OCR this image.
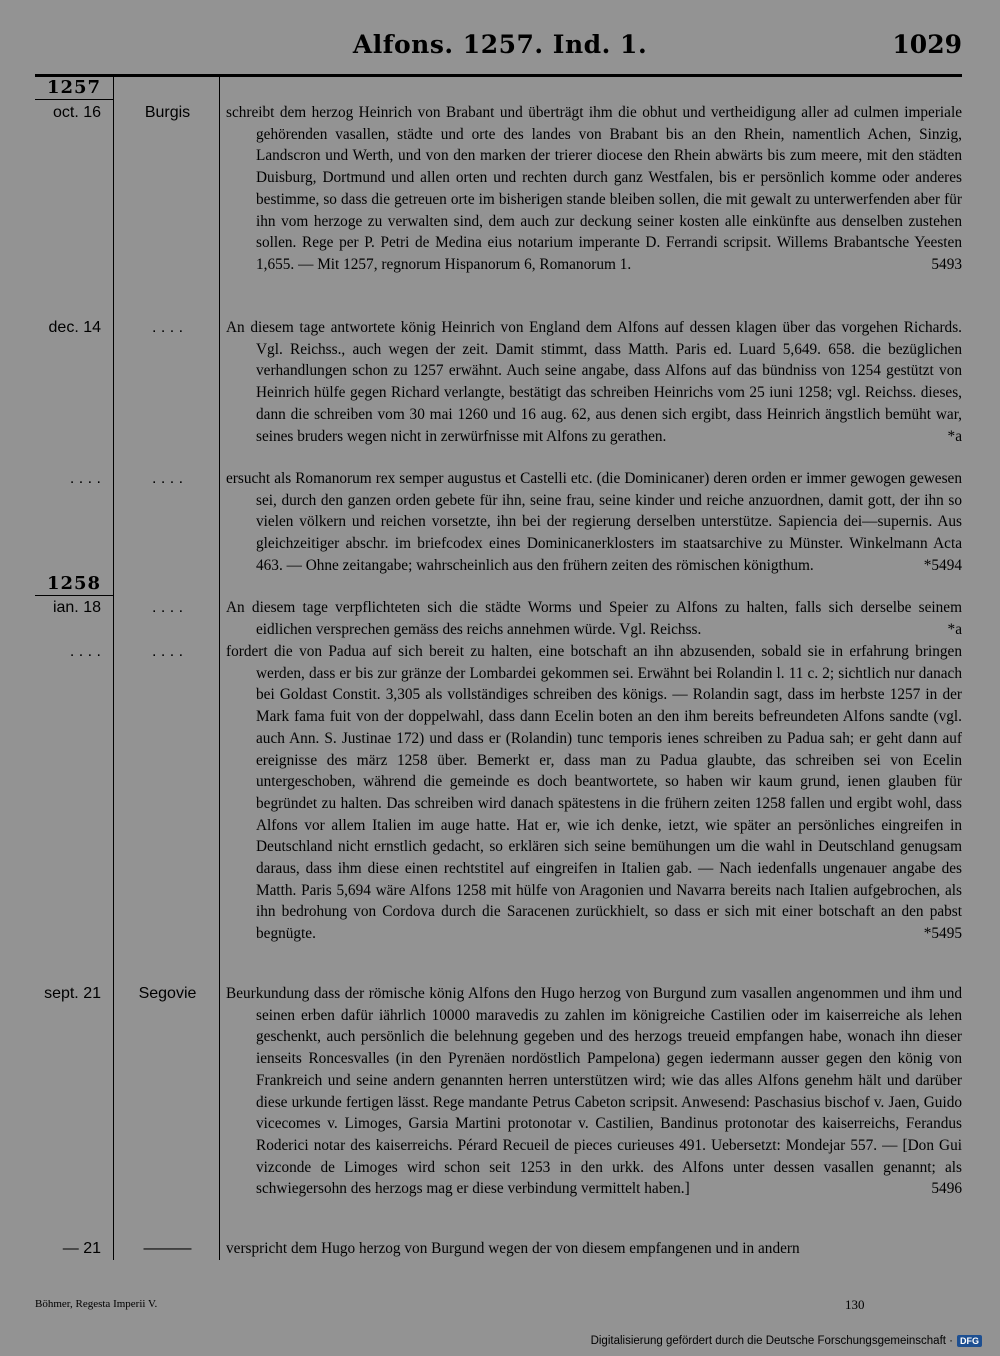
Alfons. 1257. Ind. 1.	1029
1257
oct. 16	Burgis	schreibt dem herzog Heinrich von Brabant und überträgt ihm die obhut und vertheidigung aller ad culmen imperiale gehörenden vasallen, städte und orte des landes von Brabant bis an den Rhein, namentlich Achen, Sinzig, Landscron und Werth, und von den marken der trierer diocese den Rhein abwärts bis zum meere, mit den städten Duisburg, Dortmund und allen orten und rechten durch ganz Westfalen, bis er persönlich komme oder anderes bestimme, so dass die getreuen orte im bisherigen stande bleiben sollen, die mit gewalt zu unterwerfenden aber für ihn vom herzoge zu verwalten sind, dem auch zur deckung seiner kosten alle einkünfte aus denselben zustehen sollen. Rege per P. Petri de Medina eius notarium imperante D. Ferrandi scripsit. Willems Brabantsche Yeesten 1,655. — Mit 1257, regnorum Hispanorum 6, Romanorum 1.	5493
dec. 14	. . . .	An diesem tage antwortete könig Heinrich von England dem Alfons auf dessen klagen über das vorgehen Richards. Vgl. Reichss., auch wegen der zeit. Damit stimmt, dass Matth. Paris ed. Luard 5,649. 658. die bezüglichen verhandlungen schon zu 1257 erwähnt. Auch seine angabe, dass Alfons auf das bündniss von 1254 gestützt von Heinrich hülfe gegen Richard verlangte, bestätigt das schreiben Heinrichs vom 25 iuni 1258; vgl. Reichss. dieses, dann die schreiben vom 30 mai 1260 und 16 aug. 62, aus denen sich ergibt, dass Heinrich ängstlich bemüht war, seines bruders wegen nicht in zerwürfnisse mit Alfons zu gerathen.	*a
. . . .	. . . .	ersucht als Romanorum rex semper augustus et Castelli etc. (die Dominicaner) deren orden er immer gewogen gewesen sei, durch den ganzen orden gebete für ihn, seine frau, seine kinder und reiche anzuordnen, damit gott, der ihn so vielen völkern und reichen vorsetzte, ihn bei der regierung derselben unterstütze. Sapiencia dei—supernis. Aus gleichzeitiger abschr. im briefcodex eines Dominicanerklosters im staatsarchive zu Münster. Winkelmann Acta 463. — Ohne zeitangabe; wahrscheinlich aus den frühern zeiten des römischen königthum.	*5494
1258
ian. 18	. . . .	An diesem tage verpflichteten sich die städte Worms und Speier zu Alfons zu halten, falls sich derselbe seinem eidlichen versprechen gemäss des reichs annehmen würde. Vgl. Reichss.	*a
. . . .	. . . .	fordert die von Padua auf sich bereit zu halten, eine botschaft an ihn abzusenden, sobald sie in erfahrung bringen werden, dass er bis zur gränze der Lombardei gekommen sei. Erwähnt bei Rolandin l. 11 c. 2; sichtlich nur danach bei Goldast Constit. 3,305 als vollständiges schreiben des königs. — Rolandin sagt, dass im herbste 1257 in der Mark fama fuit von der doppelwahl, dass dann Ecelin boten an den ihm bereits befreundeten Alfons sandte (vgl. auch Ann. S. Justinae 172) und dass er (Rolandin) tunc temporis ienes schreiben zu Padua sah; er geht dann auf ereignisse des märz 1258 über. Bemerkt er, dass man zu Padua glaubte, das schreiben sei von Ecelin untergeschoben, während die gemeinde es doch beantwortete, so haben wir kaum grund, ienen glauben für begründet zu halten. Das schreiben wird danach spätestens in die frühern zeiten 1258 fallen und ergibt wohl, dass Alfons vor allem Italien im auge hatte. Hat er, wie ich denke, ietzt, wie später an persönliches eingreifen in Deutschland nicht ernstlich gedacht, so erklären sich seine bemühungen um die wahl in Deutschland genugsam daraus, dass ihm diese einen rechtstitel auf eingreifen in Italien gab. — Nach iedenfalls ungenauer angabe des Matth. Paris 5,694 wäre Alfons 1258 mit hülfe von Aragonien und Navarra bereits nach Italien aufgebrochen, als ihn bedrohung von Cordova durch die Saracenen zurückhielt, so dass er sich mit einer botschaft an den pabst begnügte.	*5495
sept. 21	Segovie	Beurkundung dass der römische könig Alfons den Hugo herzog von Burgund zum vasallen angenommen und ihm und seinen erben dafür iährlich 10000 maravedis zu zahlen im königreiche Castilien oder im kaiserreiche als lehen geschenkt, auch persönlich die belehnung gegeben und des herzogs treueid empfangen habe, wonach ihn dieser ienseits Roncesvalles (in den Pyrenäen nordöstlich Pampelona) gegen iedermann ausser gegen den könig von Frankreich und seine andern genannten herren unterstützen wird; wie das alles Alfons genehm hält und darüber diese urkunde fertigen lässt. Rege mandante Petrus Cabeton scripsit. Anwesend: Paschasius bischof v. Jaen, Guido vicecomes v. Limoges, Garsia Martini protonotar v. Castilien, Bandinus protonotar des kaiserreichs, Ferandus Roderici notar des kaiserreichs. Pérard Recueil de pieces curieuses 491. Uebersetzt: Mondejar 557. — [Don Gui vizconde de Limoges wird schon seit 1253 in den urkk. des Alfons unter dessen vasallen genannt; als schwiegersohn des herzogs mag er diese verbindung vermittelt haben.]	5496
— 21	———	verspricht dem Hugo herzog von Burgund wegen der von diesem empfangenen und in andern
Böhmer, Regesta Imperii V.	130
Digitalisierung gefördert durch die Deutsche Forschungsgemeinschaft · DFG
